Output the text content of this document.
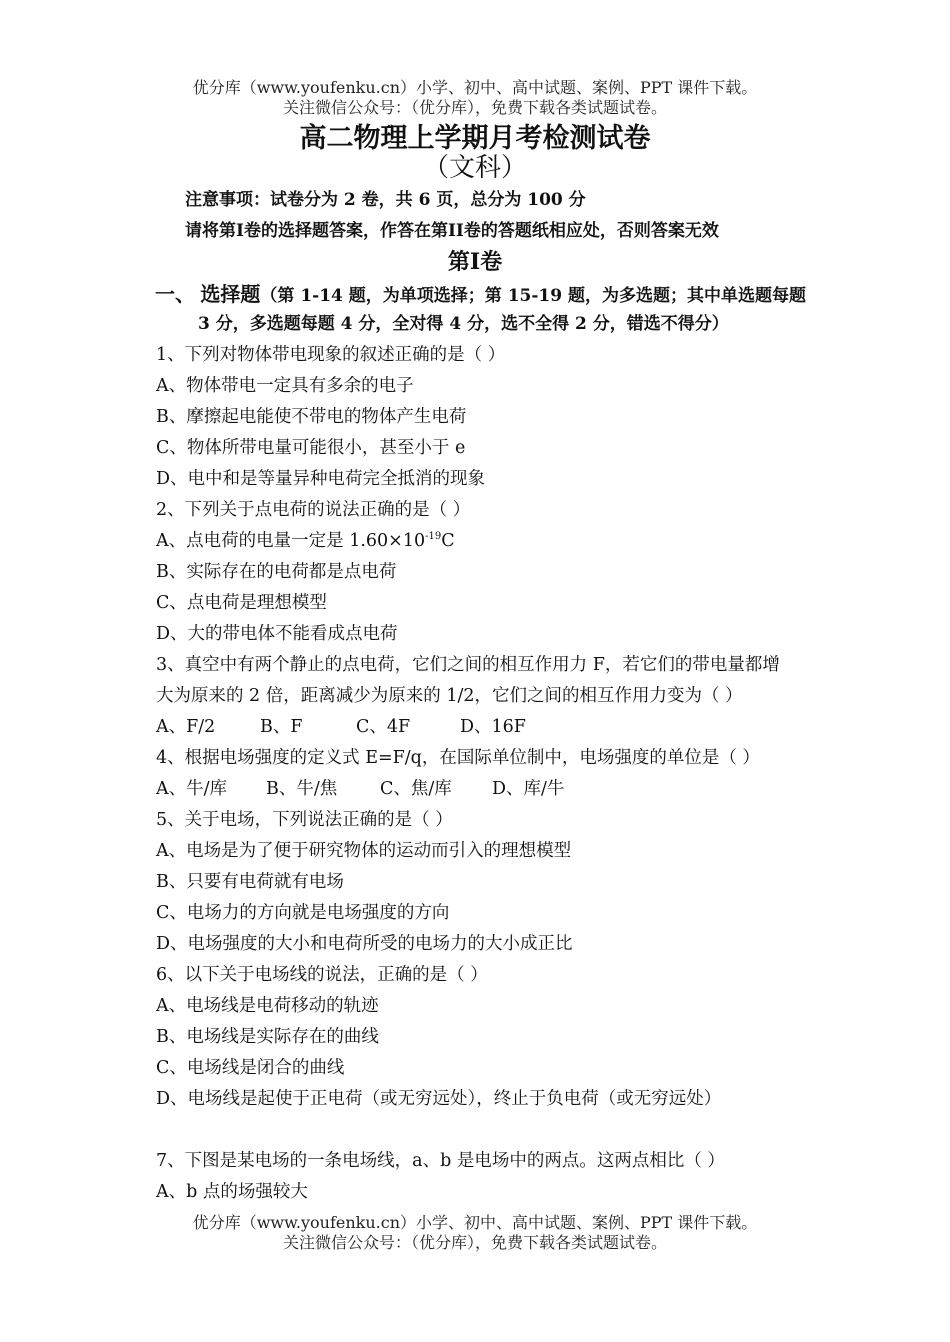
优分库（www.youfenku.cn）小学、初中、高中试题、案例、PPT 课件下载。
关注微信公众号：（优分库），免费下载各类试题试卷。
高二物理上学期月考检测试卷
（文科）
注意事项：试卷分为 2 卷，共 6 页，总分为 100 分
请将第I卷的选择题答案，作答在第II卷的答题纸相应处，否则答案无效
第I卷
一、 选择题（第 1-14 题，为单项选择；第 15-19 题，为多选题；其中单选题每题
3 分，多选题每题 4 分，全对得 4 分，选不全得 2 分，错选不得分）
1、下列对物体带电现象的叙述正确的是（ ）
A、物体带电一定具有多余的电子
B、摩擦起电能使不带电的物体产生电荷
C、物体所带电量可能很小，甚至小于 e
D、电中和是等量异种电荷完全抵消的现象
2、下列关于点电荷的说法正确的是（ ）
A、点电荷的电量一定是 $1.60\times 10^{-19}C$
B、实际存在的电荷都是点电荷
C、点电荷是理想模型
D、大的带电体不能看成点电荷
3、真空中有两个静止的点电荷，它们之间的相互作用力 F，若它们的带电量都增
大为原来的 2 倍，距离减少为原来的 1/2，它们之间的相互作用力变为（ ）
A、F/2	B、F	C、4F	D、16F
4、根据电场强度的定义式 E=F/q，在国际单位制中，电场强度的单位是（ ）
A、牛/库 B、牛/焦 C、焦/库 D、库/牛
5、关于电场，下列说法正确的是（ ）
A、电场是为了便于研究物体的运动而引入的理想模型
B、只要有电荷就有电场
C、电场力的方向就是电场强度的方向
D、电场强度的大小和电荷所受的电场力的大小成正比
6、以下关于电场线的说法，正确的是（ ）
A、电场线是电荷移动的轨迹
B、电场线是实际存在的曲线
C、电场线是闭合的曲线
D、电场线是起使于正电荷（或无穷远处），终止于负电荷（或无穷远处）
7、下图是某电场的一条电场线，a、b 是电场中的两点。这两点相比（ ）
A、b 点的场强较大
优分库（www.youfenku.cn）小学、初中、高中试题、案例、PPT 课件下载。
关注微信公众号：（优分库），免费下载各类试题试卷。
